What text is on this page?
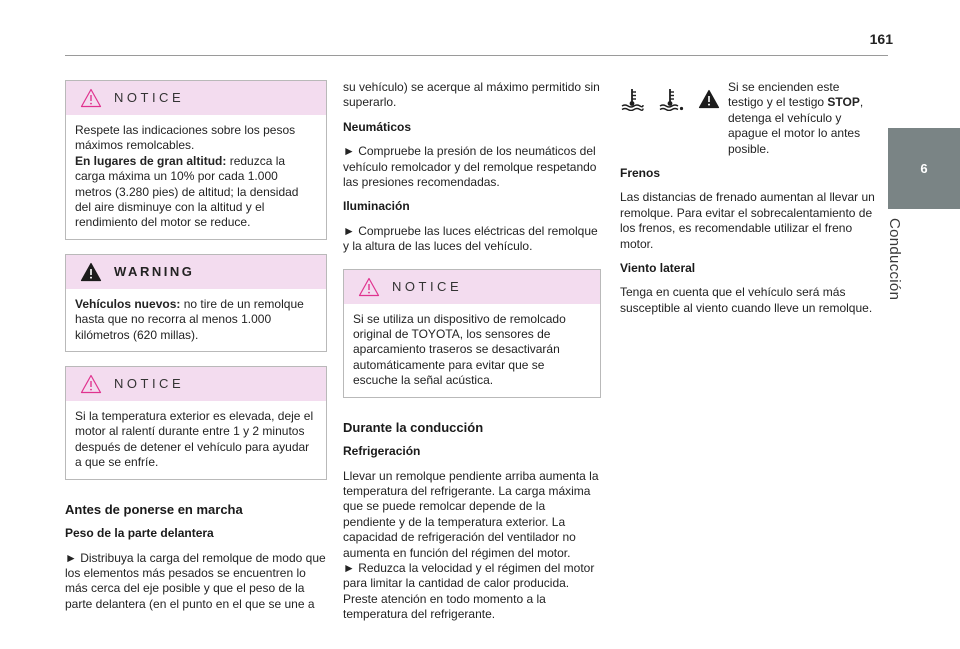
161
6
Conducción
NOTICE

Respete las indicaciones sobre los pesos máximos remolcables.

En lugares de gran altitud: reduzca la carga máxima un 10% por cada 1.000 metros (3.280 pies) de altitud; la densidad del aire disminuye con la altitud y el rendimiento del motor se reduce.

WARNING

Vehículos nuevos: no tire de un remolque hasta que no recorra al menos 1.000 kilómetros (620 millas).

NOTICE

Si la temperatura exterior es elevada, deje el motor al ralentí durante entre 1 y 2 minutos después de detener el vehículo para ayudar a que se enfríe.

Antes de ponerse en marcha
Peso de la parte delantera

► Distribuya la carga del remolque de modo que los elementos más pesados se encuentren lo más cerca del eje posible y que el peso de la parte delantera (en el punto en el que se une a

su vehículo) se acerque al máximo permitido sin superarlo.

Neumáticos

► Compruebe la presión de los neumáticos del vehículo remolcador y del remolque respetando las presiones recomendadas.

Iluminación

► Compruebe las luces eléctricas del remolque y la altura de las luces del vehículo.

NOTICE

Si se utiliza un dispositivo de remolcado original de TOYOTA, los sensores de aparcamiento traseros se desactivarán automáticamente para evitar que se escuche la señal acústica.

Durante la conducción
Refrigeración

Llevar un remolque pendiente arriba aumenta la temperatura del refrigerante. La carga máxima que se puede remolcar depende de la pendiente y de la temperatura exterior. La capacidad de refrigeración del ventilador no aumenta en función del régimen del motor.

► Reduzca la velocidad y el régimen del motor para limitar la cantidad de calor producida. Preste atención en todo momento a la temperatura del refrigerante.

Si se encienden este testigo y el testigo STOP, detenga el vehículo y apague el motor lo antes posible.

Frenos

Las distancias de frenado aumentan al llevar un remolque. Para evitar el sobrecalentamiento de los frenos, es recomendable utilizar el freno motor.

Viento lateral

Tenga en cuenta que el vehículo será más susceptible al viento cuando lleve un remolque.
